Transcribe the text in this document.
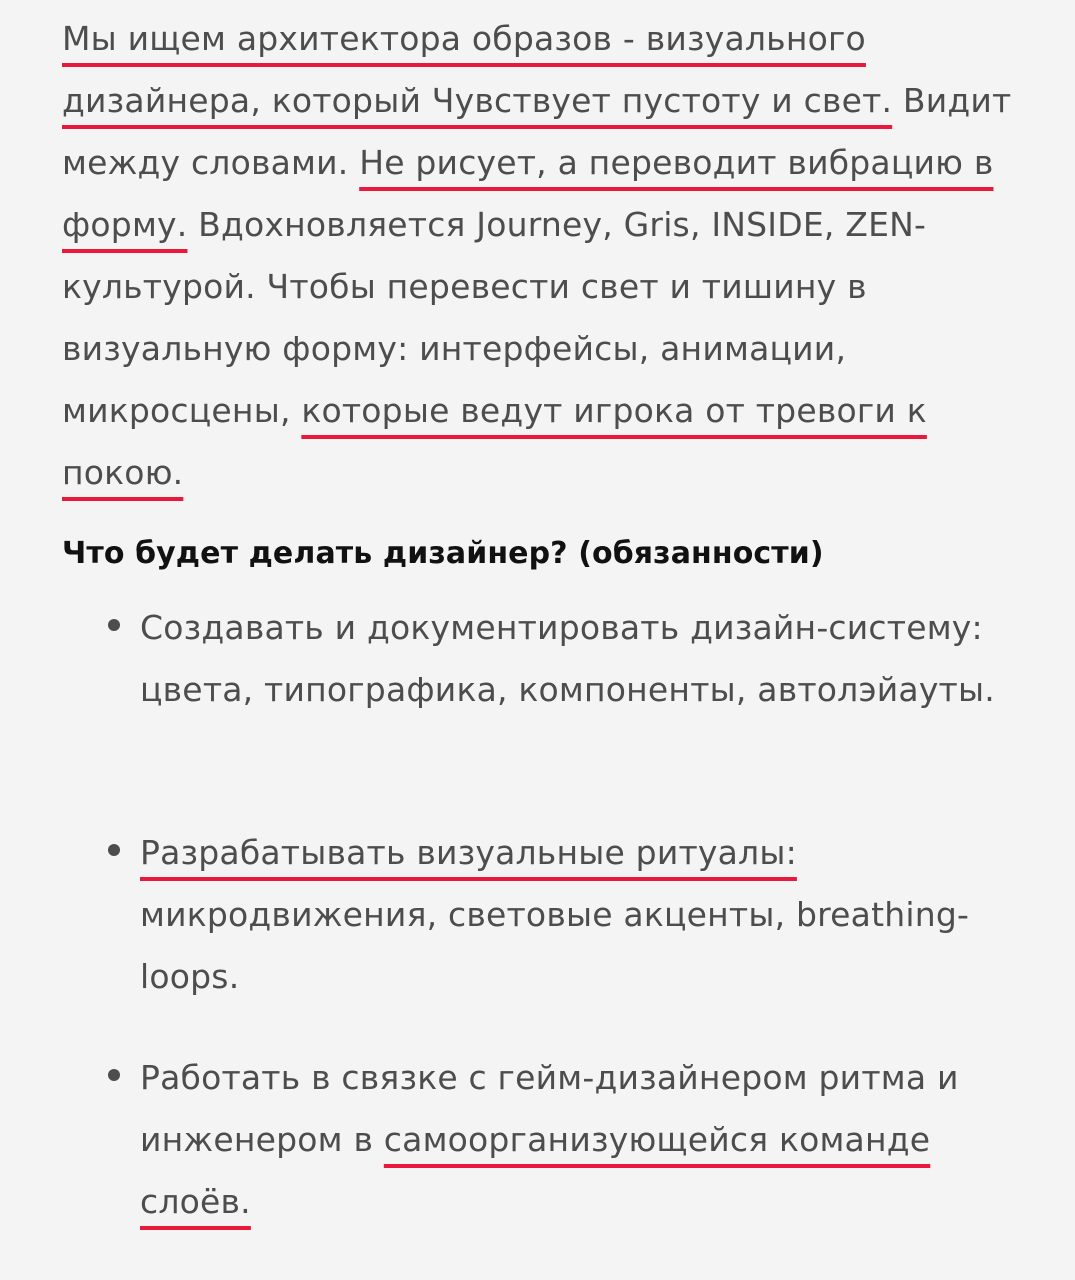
Мы ищем архитектора образов - визуального дизайнера, который Чувствует пустоту и свет. Видит между словами. Не рисует, а переводит вибрацию в форму. Вдохновляется Journey, Gris, INSIDE, ZEN-культурой. Чтобы перевести свет и тишину в визуальную форму: интерфейсы, анимации, микросцены, которые ведут игрока от тревоги к покою.

Что будет делать дизайнер? (обязанности)
Создавать и документировать дизайн-систему: цвета, типографика, компоненты, автолэйауты.
Разрабатывать визуальные ритуалы: микродвижения, световые акценты, breathing-loops.
Работать в связке с гейм-дизайнером ритма и инженером в самоорганизующейся команде слоёв.
